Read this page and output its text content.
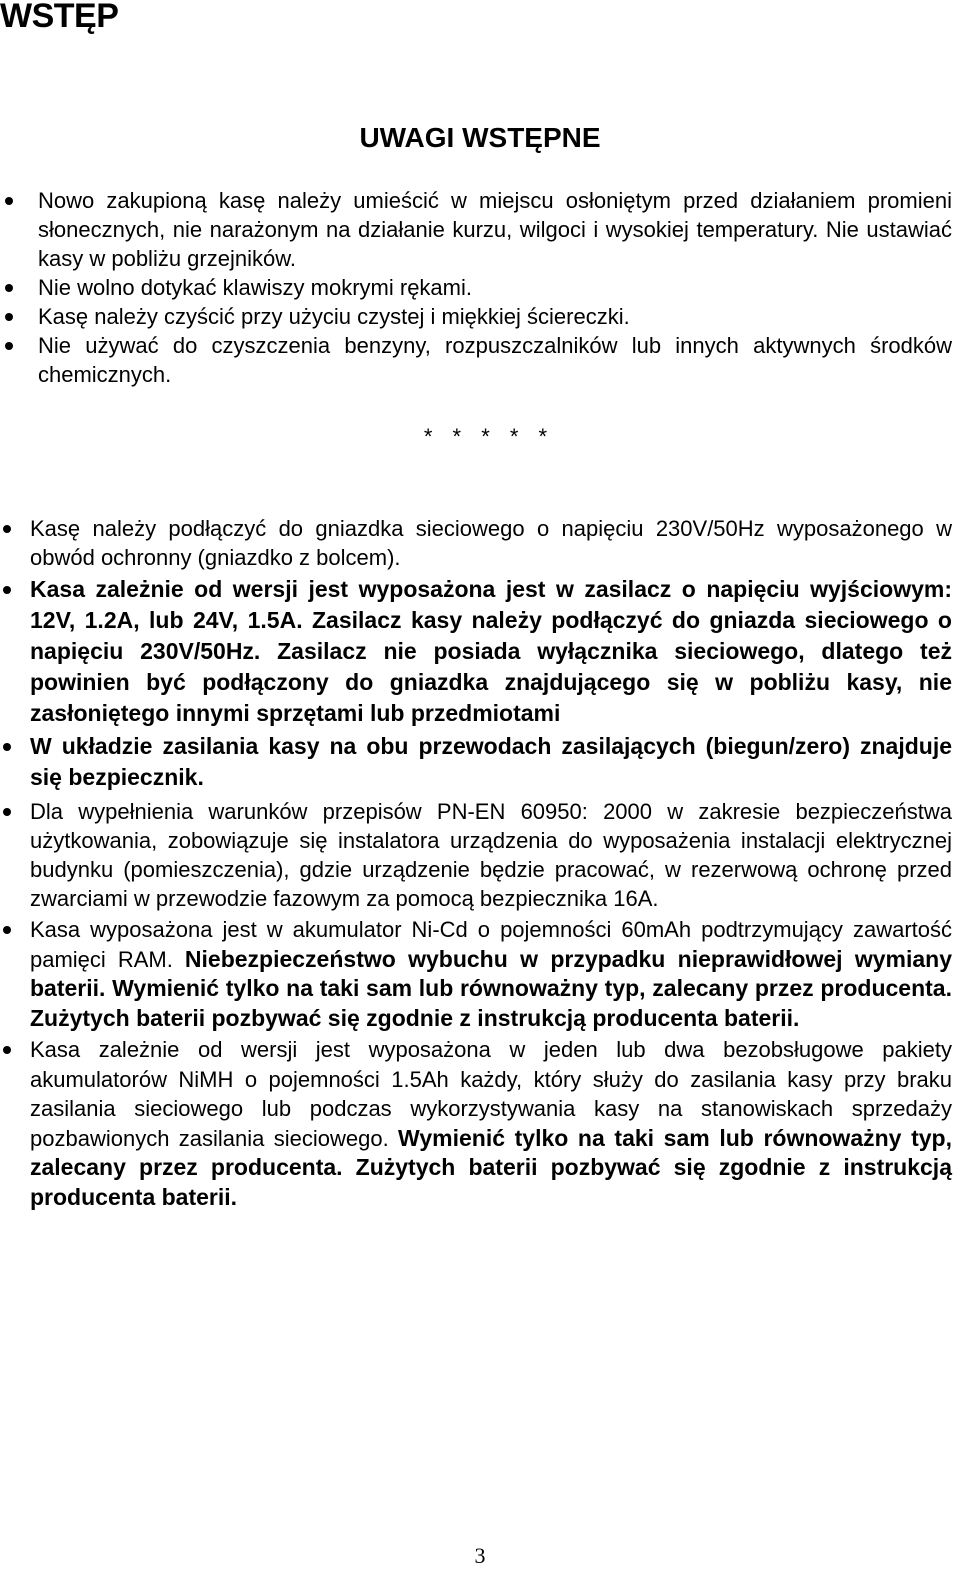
WSTĘP
UWAGI WSTĘPNE
Nowo zakupioną kasę należy umieścić w miejscu osłoniętym przed działaniem promieni słonecznych, nie narażonym na działanie kurzu, wilgoci i wysokiej temperatury. Nie ustawiać kasy w pobliżu grzejników.
Nie wolno dotykać klawiszy mokrymi rękami.
Kasę należy czyścić przy użyciu czystej i miękkiej ściereczki.
Nie używać do czyszczenia benzyny, rozpuszczalników lub innych aktywnych środków chemicznych.
* * * * *
Kasę należy podłączyć do gniazdka sieciowego o napięciu 230V/50Hz wyposażonego w obwód ochronny (gniazdko z bolcem).
Kasa zależnie od wersji jest wyposażona jest w zasilacz o napięciu wyjściowym: 12V, 1.2A, lub 24V, 1.5A. Zasilacz kasy należy podłączyć do gniazda sieciowego o napięciu 230V/50Hz. Zasilacz nie posiada wyłącznika sieciowego, dlatego też powinien być podłączony do gniazdka znajdującego się w pobliżu kasy, nie zasłoniętego innymi sprzętami lub przedmiotami
W układzie zasilania kasy na obu przewodach zasilających (biegun/zero) znajduje się bezpiecznik.
Dla wypełnienia warunków przepisów PN-EN 60950: 2000 w zakresie bezpieczeństwa użytkowania, zobowiązuje się instalatora urządzenia do wyposażenia instalacji elektrycznej budynku (pomieszczenia), gdzie urządzenie będzie pracować, w rezerwową ochronę przed zwarciami w przewodzie fazowym za pomocą bezpiecznika 16A.
Kasa wyposażona jest w akumulator Ni-Cd o pojemności 60mAh podtrzymujący zawartość pamięci RAM. Niebezpieczeństwo wybuchu w przypadku nieprawidłowej wymiany baterii. Wymienić tylko na taki sam lub równoważny typ, zalecany przez producenta. Zużytych baterii pozbywać się zgodnie z instrukcją producenta baterii.
Kasa zależnie od wersji jest wyposażona w jeden lub dwa bezobsługowe pakiety akumulatorów NiMH o pojemności 1.5Ah każdy, który służy do zasilania kasy przy braku zasilania sieciowego lub podczas wykorzystywania kasy na stanowiskach sprzedaży pozbawionych zasilania sieciowego. Wymienić tylko na taki sam lub równoważny typ, zalecany przez producenta. Zużytych baterii pozbywać się zgodnie z instrukcją producenta baterii.
3
